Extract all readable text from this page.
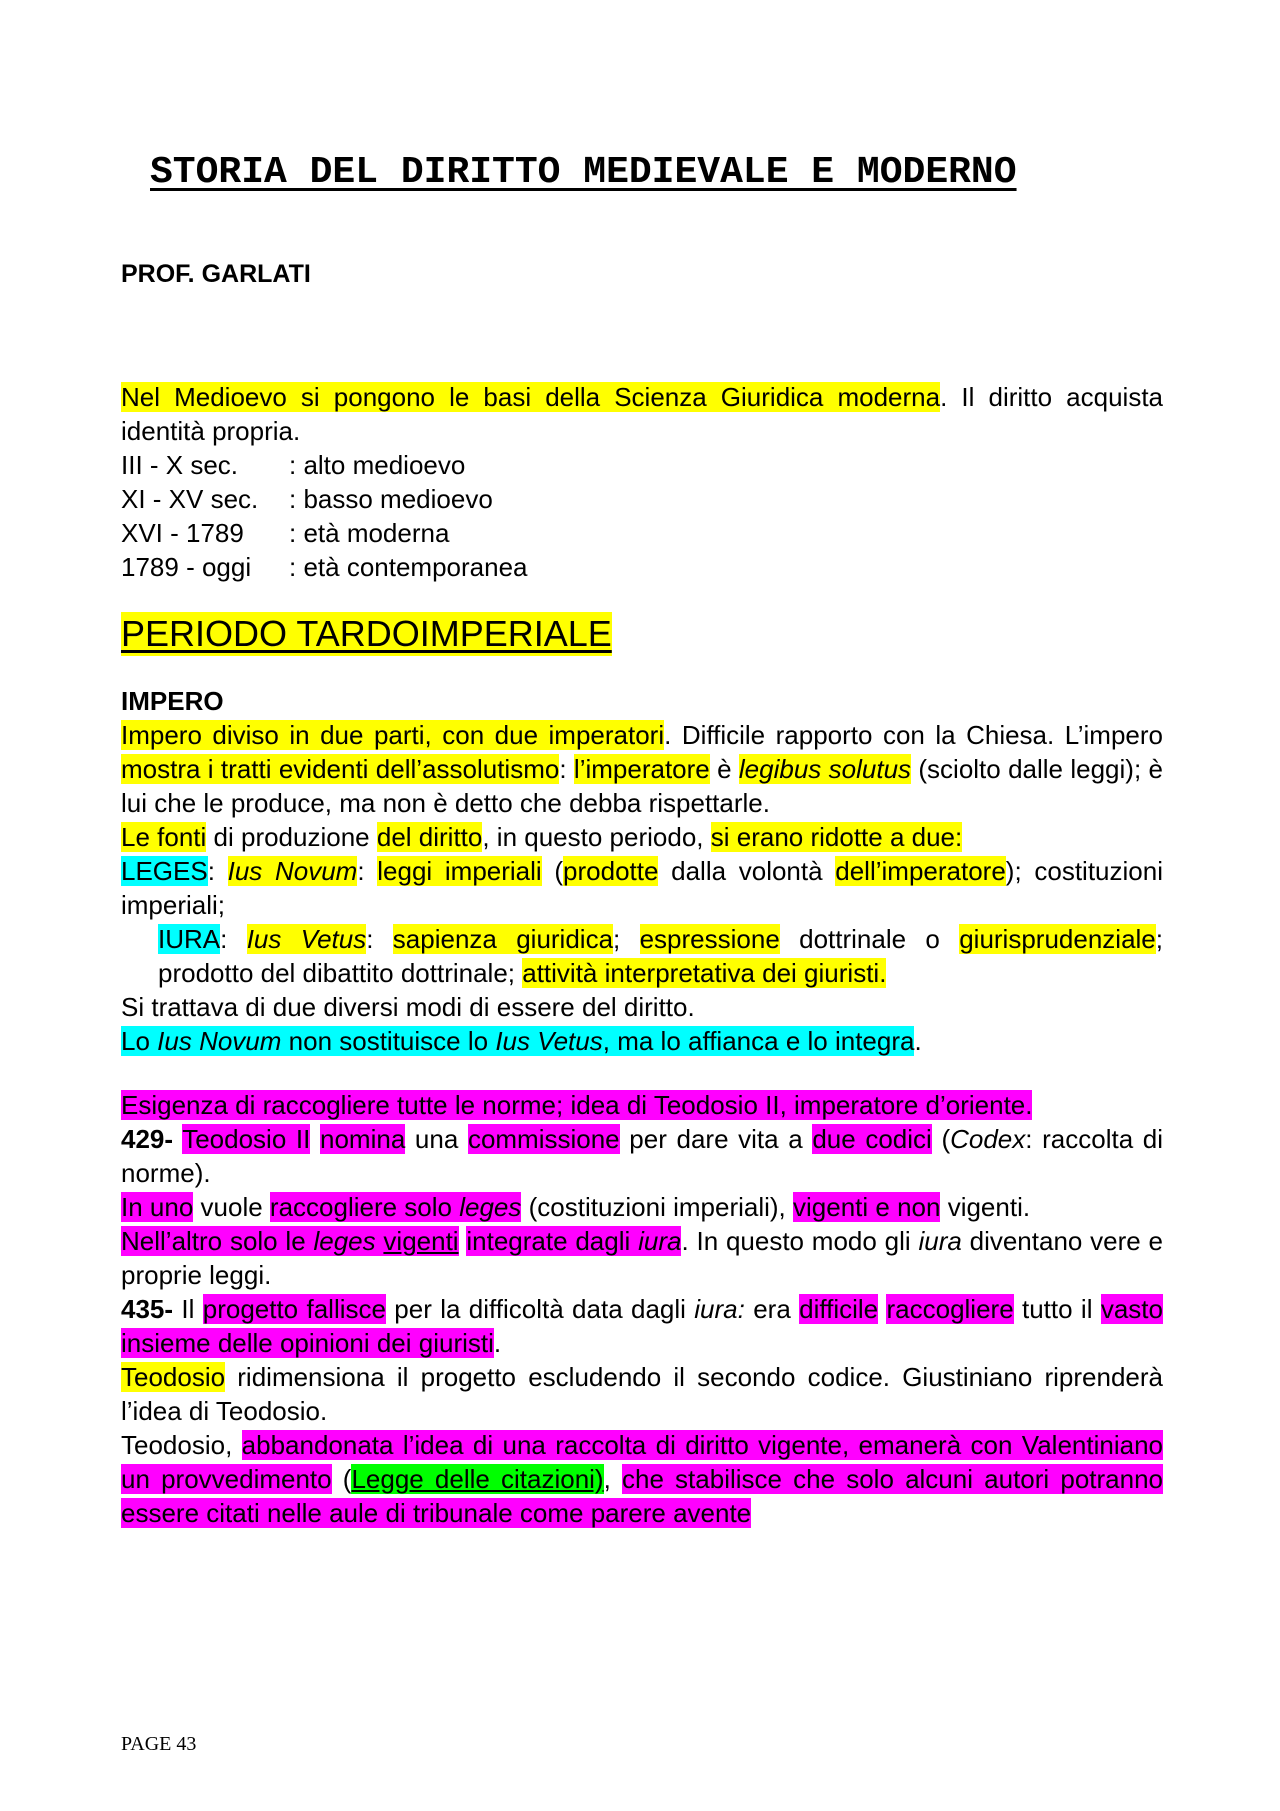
STORIA DEL DIRITTO MEDIEVALE E MODERNO
PROF. GARLATI

Nel Medioevo si pongono le basi della Scienza Giuridica moderna. Il diritto acquista identità propria.

III - X sec.	: alto medioevo
XI - XV sec.	: basso medioevo
XVI - 1789	: età moderna
1789 - oggi	: età contemporanea
PERIODO TARDOIMPERIALE
IMPERO

Impero diviso in due parti, con due imperatori. Difficile rapporto con la Chiesa. L’impero mostra i tratti evidenti dell’assolutismo: l’imperatore è legibus solutus (sciolto dalle leggi); è lui che le produce, ma non è detto che debba rispettarle.

Le fonti di produzione del diritto, in questo periodo, si erano ridotte a due:

LEGES: Ius Novum: leggi imperiali (prodotte dalla volontà dell’imperatore); costituzioni imperiali;

IURA: Ius Vetus: sapienza giuridica; espressione dottrinale o giurisprudenziale; prodotto del dibattito dottrinale; attività interpretativa dei giuristi.

Si trattava di due diversi modi di essere del diritto.

Lo Ius Novum non sostituisce lo Ius Vetus, ma lo affianca e lo integra.

Esigenza di raccogliere tutte le norme; idea di Teodosio II, imperatore d’oriente.

429- Teodosio II nomina una commissione per dare vita a due codici (Codex: raccolta di norme).

In uno vuole raccogliere solo leges (costituzioni imperiali), vigenti e non vigenti.

Nell’altro solo le leges vigenti integrate dagli iura. In questo modo gli iura diventano vere e proprie leggi.

435- Il progetto fallisce per la difficoltà data dagli iura: era difficile raccogliere tutto il vasto insieme delle opinioni dei giuristi.

Teodosio ridimensiona il progetto escludendo il secondo codice. Giustiniano riprenderà l’idea di Teodosio.

Teodosio, abbandonata l’idea di una raccolta di diritto vigente, emanerà con Valentiniano un provvedimento (Legge delle citazioni), che stabilisce che solo alcuni autori potranno essere citati nelle aule di tribunale come parere avente

PAGE 43
